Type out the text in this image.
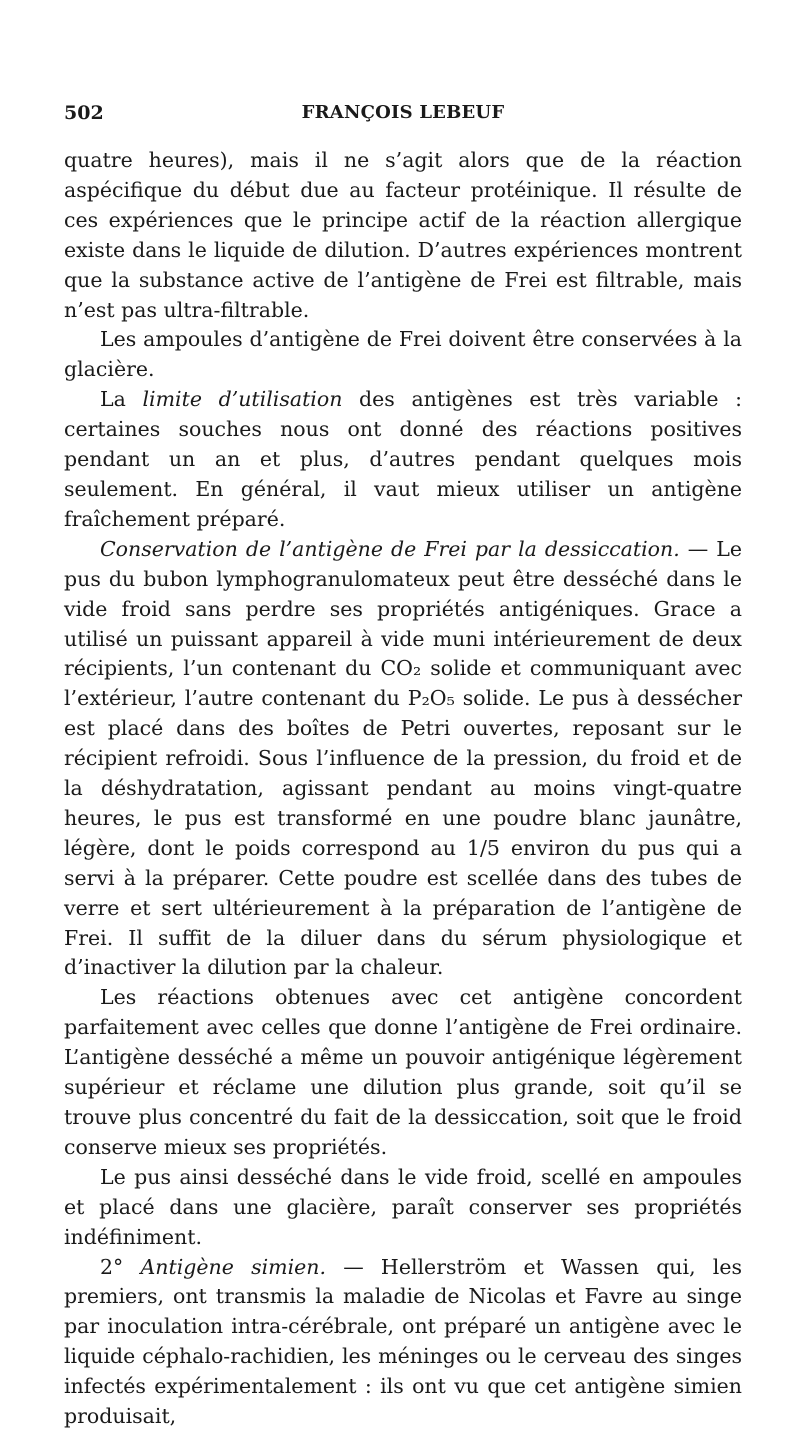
502	FRANÇOIS LEBEUF

quatre heures), mais il ne s’agit alors que de la réaction aspécifique du début due au facteur protéinique. Il résulte de ces expériences que le principe actif de la réaction allergique existe dans le liquide de dilution. D’autres expériences montrent que la substance active de l’antigène de Frei est filtrable, mais n’est pas ultra-filtrable.

Les ampoules d’antigène de Frei doivent être conservées à la glacière.

La limite d’utilisation des antigènes est très variable : certaines souches nous ont donné des réactions positives pendant un an et plus, d’autres pendant quelques mois seulement. En général, il vaut mieux utiliser un antigène fraîchement préparé.

Conservation de l’antigène de Frei par la dessiccation. — Le pus du bubon lymphogranulomateux peut être desséché dans le vide froid sans perdre ses propriétés antigéniques. Grace a utilisé un puissant appareil à vide muni intérieurement de deux récipients, l’un contenant du CO₂ solide et communiquant avec l’extérieur, l’autre contenant du P₂O₅ solide. Le pus à dessécher est placé dans des boîtes de Petri ouvertes, reposant sur le récipient refroidi. Sous l’influence de la pression, du froid et de la déshydratation, agissant pendant au moins vingt-quatre heures, le pus est transformé en une poudre blanc jaunâtre, légère, dont le poids correspond au 1/5 environ du pus qui a servi à la préparer. Cette poudre est scellée dans des tubes de verre et sert ultérieurement à la préparation de l’antigène de Frei. Il suffit de la diluer dans du sérum physiologique et d’inactiver la dilution par la chaleur.

Les réactions obtenues avec cet antigène concordent parfaitement avec celles que donne l’antigène de Frei ordinaire. L’antigène desséché a même un pouvoir antigénique légèrement supérieur et réclame une dilution plus grande, soit qu’il se trouve plus concentré du fait de la dessiccation, soit que le froid conserve mieux ses propriétés.

Le pus ainsi desséché dans le vide froid, scellé en ampoules et placé dans une glacière, paraît conserver ses propriétés indéfiniment.

2° Antigène simien. — Hellerström et Wassen qui, les premiers, ont transmis la maladie de Nicolas et Favre au singe par inoculation intra-cérébrale, ont préparé un antigène avec le liquide céphalo-rachidien, les méninges ou le cerveau des singes infectés expérimentalement : ils ont vu que cet antigène simien produisait,
